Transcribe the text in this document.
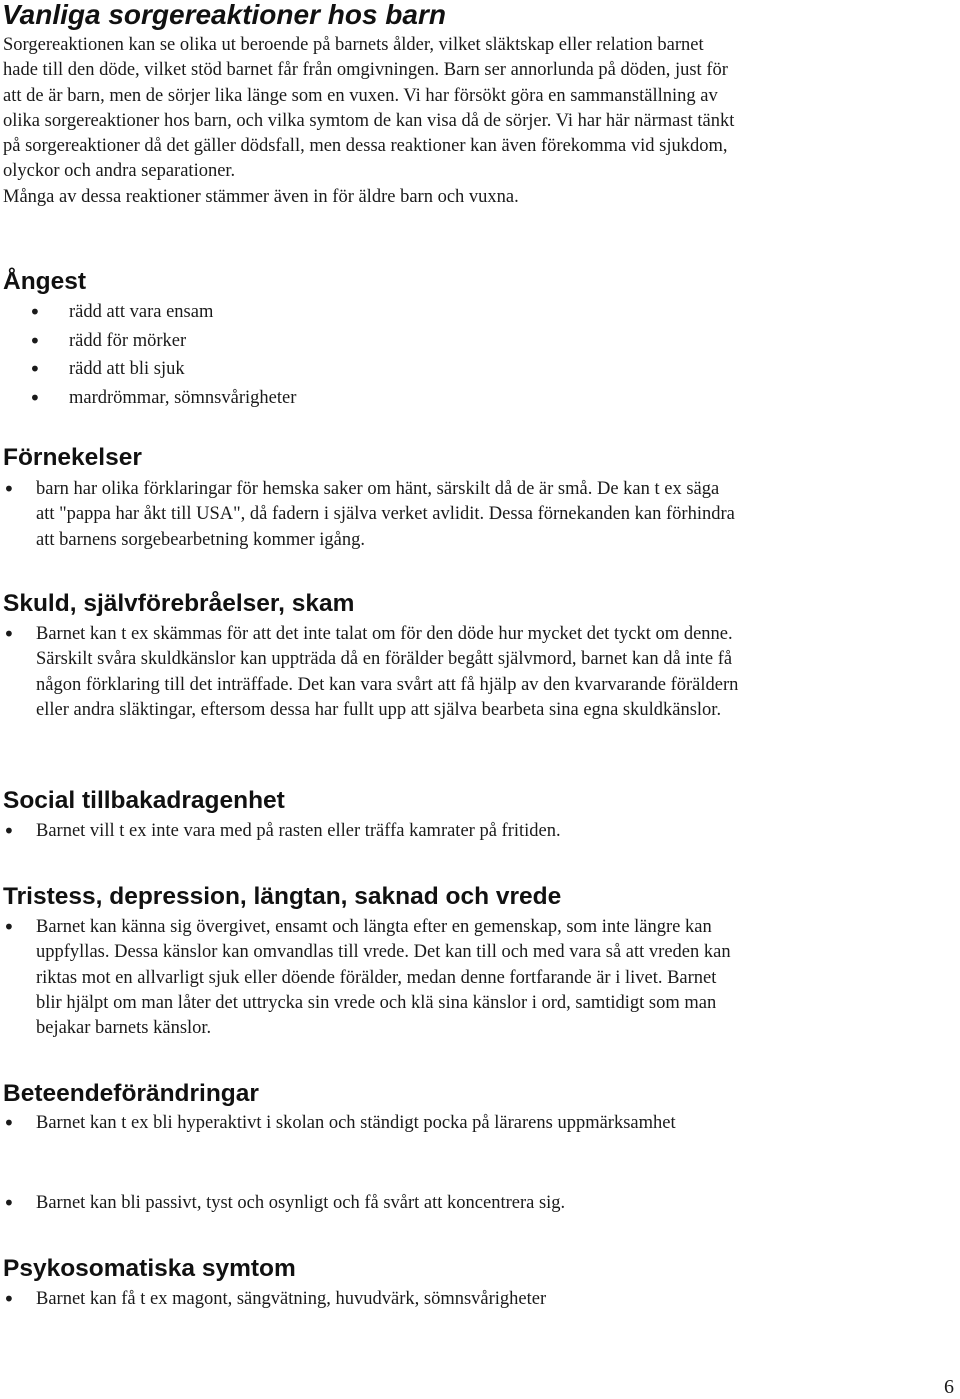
Vanliga sorgereaktioner hos barn

Sorgereaktionen kan se olika ut beroende på barnets ålder, vilket släktskap eller relation barnet hade till den döde, vilket stöd barnet får från omgivningen. Barn ser annorlunda på döden, just för att de är barn, men de sörjer lika länge som en vuxen. Vi har försökt göra en sammanställning av olika sorgereaktioner hos barn, och vilka symtom de kan visa då de sörjer. Vi har här närmast tänkt på sorgereaktioner då det gäller dödsfall, men dessa reaktioner kan även förekomma vid sjukdom, olyckor och andra separationer.

Många av dessa reaktioner stämmer även in för äldre barn och vuxna.

Ångest
• rädd att vara ensam
• rädd för mörker
• rädd att bli sjuk
• mardrömmar, sömnsvårigheter
Förnekelser
• barn har olika förklaringar för hemska saker om hänt, särskilt då de är små. De kan t ex säga att "pappa har åkt till USA", då fadern i själva verket avlidit. Dessa förnekanden kan förhindra att barnens sorgebearbetning kommer igång.
Skuld, självförebråelser, skam
• Barnet kan t ex skämmas för att det inte talat om för den döde hur mycket det tyckt om denne. Särskilt svåra skuldkänslor kan uppträda då en förälder begått självmord, barnet kan då inte få någon förklaring till det inträffade. Det kan vara svårt att få hjälp av den kvarvarande föräldern eller andra släktingar, eftersom dessa har fullt upp att själva bearbeta sina egna skuldkänslor.
Social tillbakadragenhet
• Barnet vill t ex inte vara med på rasten eller träffa kamrater på fritiden.
Tristess, depression, längtan, saknad och vrede
• Barnet kan känna sig övergivet, ensamt och längta efter en gemenskap, som inte längre kan uppfyllas. Dessa känslor kan omvandlas till vrede. Det kan till och med vara så att vreden kan riktas mot en allvarligt sjuk eller döende förälder, medan denne fortfarande är i livet. Barnet blir hjälpt om man låter det uttrycka sin vrede och klä sina känslor i ord, samtidigt som man bejakar barnets känslor.
Beteendeförändringar
• Barnet kan t ex bli hyperaktivt i skolan och ständigt pocka på lärarens uppmärksamhet
• Barnet kan bli passivt, tyst och osynligt och få svårt att koncentrera sig.
Psykosomatiska symtom
• Barnet kan få t ex magont, sängvätning, huvudvärk, sömnsvårigheter
6
